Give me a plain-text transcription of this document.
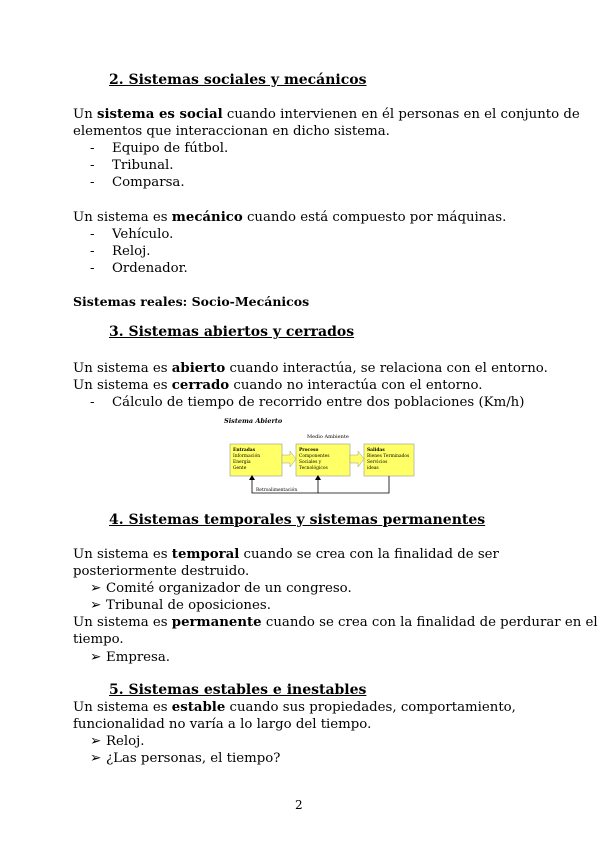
2. Sistemas sociales y mecánicos
Un sistema es social cuando intervienen en él personas en el conjunto de
elementos que interaccionan en dicho sistema.
- Equipo de fútbol.
- Tribunal.
- Comparsa.
Un sistema es mecánico cuando está compuesto por máquinas.
- Vehículo.
- Reloj.
- Ordenador.
Sistemas reales: Socio-Mecánicos
3. Sistemas abiertos y cerrados
Un sistema es abierto cuando interactúa, se relaciona con el entorno.
Un sistema es cerrado cuando no interactúa con el entorno.
- Cálculo de tiempo de recorrido entre dos poblaciones (Km/h)
Sistema Abierto
Medio Ambiente
Entradas
Información
Energía
Gente
Proceso
Componentes
Sociales y
Tecnológicos
Salidas
Bienes Terminados
Servicios
ideas
Retroalimentación
4. Sistemas temporales y sistemas permanentes
Un sistema es temporal cuando se crea con la finalidad de ser
posteriormente destruido.
➢ Comité organizador de un congreso.
➢ Tribunal de oposiciones.
Un sistema es permanente cuando se crea con la finalidad de perdurar en el
tiempo.
➢ Empresa.
5. Sistemas estables e inestables
Un sistema es estable cuando sus propiedades, comportamiento,
funcionalidad no varía a lo largo del tiempo.
➢ Reloj.
➢ ¿Las personas, el tiempo?
2
